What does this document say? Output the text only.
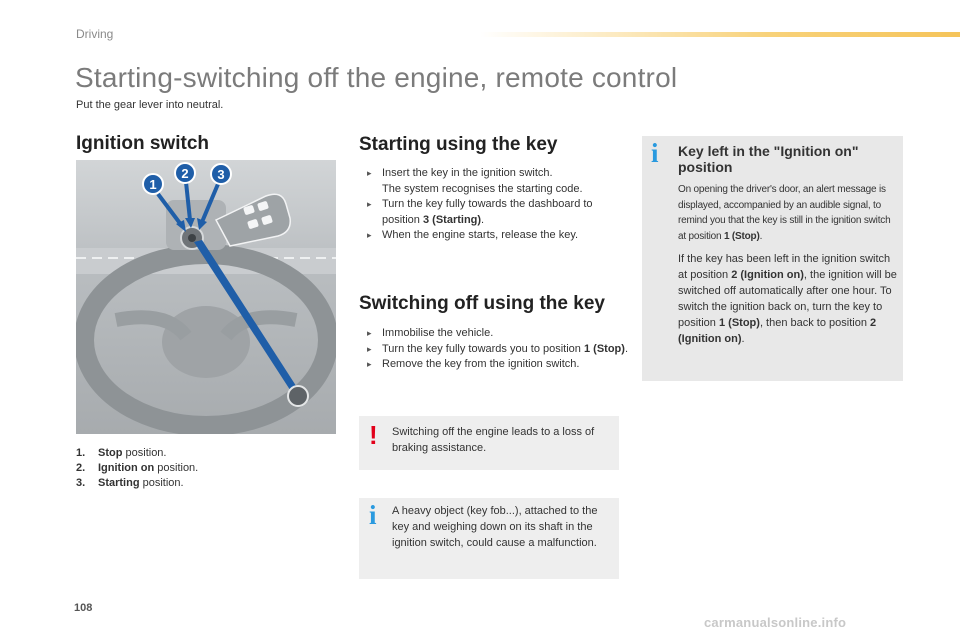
Driving
Starting-switching off the engine, remote control

Put the gear lever into neutral.

Ignition switch
1
2 3
1. Stop position.
2. Ignition on position.
3. Starting position.
Starting using the key
▸ Insert the key in the ignition switch.
The system recognises the starting code.
▸ Turn the key fully towards the dashboard to position 3 (Starting).
▸ When the engine starts, release the key.
Switching off using the key
▸ Immobilise the vehicle.
▸ Turn the key fully towards you to position 1 (Stop).
▸ Remove the key from the ignition switch.
! Switching off the engine leads to a loss of braking assistance.

i A heavy object (key fob...), attached to the key and weighing down on its shaft in the ignition switch, could cause a malfunction.

i Key left in the "Ignition on" position

On opening the driver's door, an alert message is displayed, accompanied by an audible signal, to remind you that the key is still in the ignition switch at position 1 (Stop).

If the key has been left in the ignition switch at position 2 (Ignition on), the ignition will be switched off automatically after one hour. To switch the ignition back on, turn the key to position 1 (Stop), then back to position 2 (Ignition on).

108
carmanualsonline.info
